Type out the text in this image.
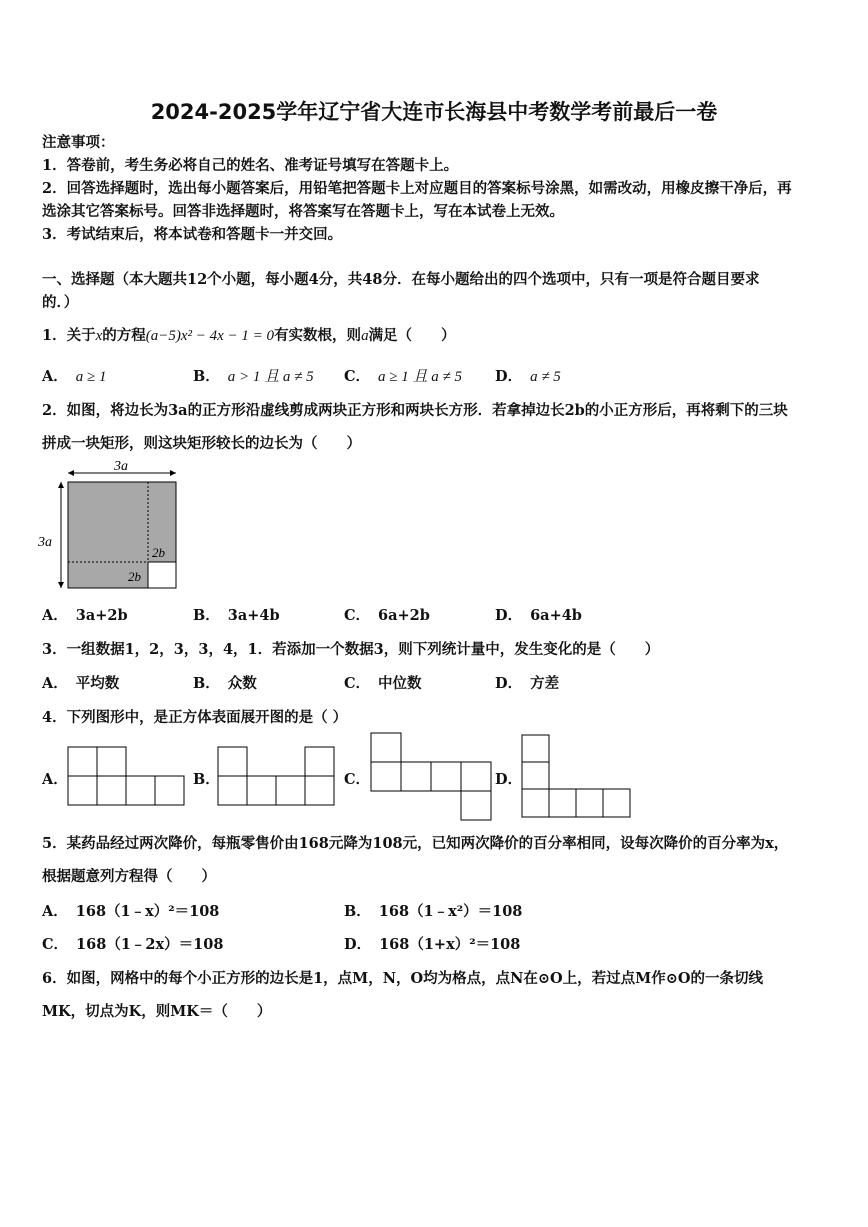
2024-2025学年辽宁省大连市长海县中考数学考前最后一卷
注意事项：
1．答卷前，考生务必将自己的姓名、准考证号填写在答题卡上。
2．回答选择题时，选出每小题答案后，用铅笔把答题卡上对应题目的答案标号涂黑，如需改动，用橡皮擦干净后，再
选涂其它答案标号。回答非选择题时，将答案写在答题卡上，写在本试卷上无效。
3．考试结束后，将本试卷和答题卡一并交回。
一、选择题（本大题共12个小题，每小题4分，共48分．在每小题给出的四个选项中，只有一项是符合题目要求
的．）
1．关于x的方程(a−5)x² − 4x − 1 = 0有实数根，则a满足（　　）
A． a ≥ 1	B． a > 1 且 a ≠ 5 C． a ≥ 1 且 a ≠ 5 D． a ≠ 5
2．如图，将边长为3a的正方形沿虚线剪成两块正方形和两块长方形．若拿掉边长2b的小正方形后，再将剩下的三块
拼成一块矩形，则这块矩形较长的边长为（　　）
3a
3a
2b
2b
A． 3a+2b	B． 3a+4b	C． 6a+2b	D． 6a+4b
3．一组数据1，2，3，3，4，1．若添加一个数据3，则下列统计量中，发生变化的是（　　）
A． 平均数	B． 众数	C． 中位数	D． 方差
4．下列图形中，是正方体表面展开图的是（ ）
A．	B．	C．	D．
5．某药品经过两次降价，每瓶零售价由168元降为108元，已知两次降价的百分率相同，设每次降价的百分率为x，
根据题意列方程得（　　）
A． 168（1﹣x）²＝108	B． 168（1﹣x²）＝108
C． 168（1﹣2x）＝108	D． 168（1+x）²＝108
6．如图，网格中的每个小正方形的边长是1，点M，N，O均为格点，点N在⊙O上，若过点M作⊙O的一条切线
MK，切点为K，则MK＝（　　）
